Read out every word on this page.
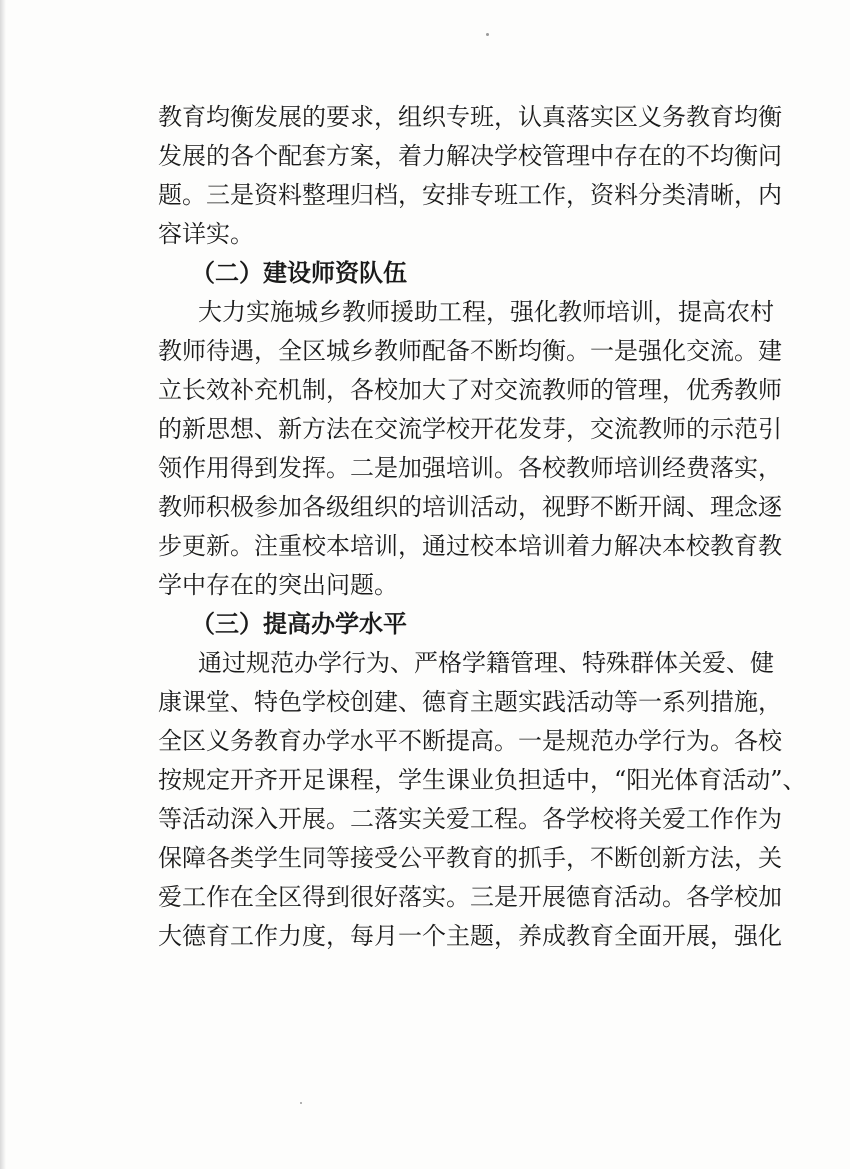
教育均衡发展的要求，组织专班，认真落实区义务教育均衡
发展的各个配套方案，着力解决学校管理中存在的不均衡问
题。三是资料整理归档，安排专班工作，资料分类清晰，内
容详实。
（二）建设师资队伍
大力实施城乡教师援助工程，强化教师培训，提高农村
教师待遇，全区城乡教师配备不断均衡。一是强化交流。建
立长效补充机制，各校加大了对交流教师的管理，优秀教师
的新思想、新方法在交流学校开花发芽，交流教师的示范引
领作用得到发挥。二是加强培训。各校教师培训经费落实，
教师积极参加各级组织的培训活动，视野不断开阔、理念逐
步更新。注重校本培训，通过校本培训着力解决本校教育教
学中存在的突出问题。
（三）提高办学水平
通过规范办学行为、严格学籍管理、特殊群体关爱、健
康课堂、特色学校创建、德育主题实践活动等一系列措施，
全区义务教育办学水平不断提高。一是规范办学行为。各校
按规定开齐开足课程，学生课业负担适中，“阳光体育活动”、
等活动深入开展。二落实关爱工程。各学校将关爱工作作为
保障各类学生同等接受公平教育的抓手，不断创新方法，关
爱工作在全区得到很好落实。三是开展德育活动。各学校加
大德育工作力度，每月一个主题，养成教育全面开展，强化
